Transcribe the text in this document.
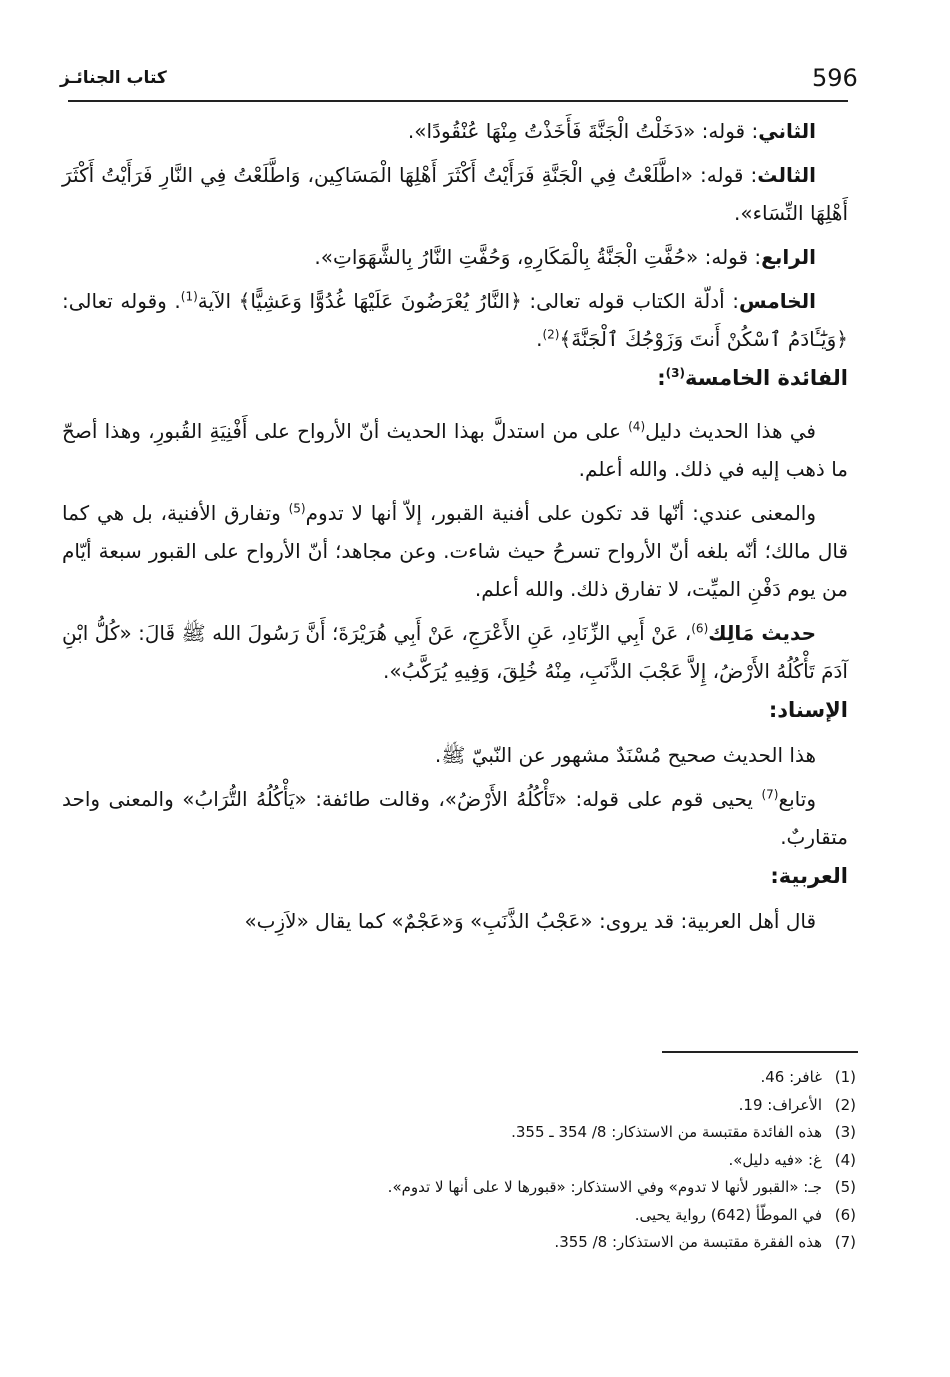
596
كتاب الجنائـز

الثاني: قوله: «دَخَلْتُ الْجَنَّةَ فَأَخَذْتُ مِنْهَا عُنْقُودًا».

الثالث: قوله: «اطَّلَعْتُ فِي الْجَنَّةِ فَرَأَيْتُ أَكْثَرَ أَهْلِهَا الْمَسَاكِين، وَاطَّلَعْتُ فِي النَّارِ فَرَأَيْتُ أَكْثَرَ أَهْلِهَا النِّسَاء».

الرابع: قوله: «حُفَّتِ الْجَنَّةُ بِالْمَكَارِهِ، وَحُفَّتِ النَّارُ بِالشَّهَوَاتِ».

الخامس: أدلّة الكتاب قوله تعالى: ﴿النَّارُ يُعْرَضُونَ عَلَيْهَا غُدُوًّا وَعَشِيًّا﴾ الآية$^{(1)}$. وقوله تعالى: ﴿وَيَٰٓـَٔادَمُ ٱسْكُنْ أَنتَ وَزَوْجُكَ ٱلْجَنَّةَ﴾$^{(2)}$.

الفائدة الخامسة$^{(3)}$:

في هذا الحديث دليل$^{(4)}$ على من استدلَّ بهذا الحديث أنّ الأرواح على أَفْنِيَةِ القُبورِ، وهذا أصحّ ما ذهب إليه في ذلك. والله أعلم.

والمعنى عندي: أنّها قد تكون على أفنية القبور، إلاّ أنها لا تدوم$^{(5)}$ وتفارق الأفنية، بل هي كما قال مالك؛ أنّه بلغه أنّ الأرواح تسرحُ حيث شاءت. وعن مجاهد؛ أنّ الأرواح على القبور سبعة أيّام من يوم دَفْنِ الميِّت، لا تفارق ذلك. والله أعلم.

حديث مَالِك$^{(6)}$، عَنْ أَبِي الزِّنَادِ، عَنِ الأَعْرَجِ، عَنْ أَبِي هُرَيْرَةَ؛ أَنَّ رَسُولَ الله ﷺ قَالَ: «كُلُّ ابْنِ آدَمَ تَأْكُلُهُ الأَرْضُ، إِلاَّ عَجْبَ الذَّنَبِ، مِنْهُ خُلِقَ، وَفِيهِ يُرَكَّبُ».

الإسناد:

هذا الحديث صحيح مُسْنَدٌ مشهور عن النّبيّ ﷺ.

وتابع$^{(7)}$ يحيى قوم على قوله: «تَأْكُلُهُ الأَرْضُ»، وقالت طائفة: «يَأْكُلُهُ التُّرَابُ» والمعنى واحد متقاربٌ.

العربية:

قال أهل العربية: قد يروى: «عَجْبُ الذَّنَبِ» وَ«عَجْمٌ» كما يقال «لاَزِب»

(1)غافر: 46.

(2)الأعراف: 19.

(3)هذه الفائدة مقتبسة من الاستذكار: 8/ 354 ـ 355.

(4)غ: «فيه دليل».

(5)جـ: «القبور لأنها لا تدوم» وفي الاستذكار: «قبورها لا على أنها لا تدوم».

(6)في الموطّأ (642) رواية يحيى.

(7)هذه الفقرة مقتبسة من الاستذكار: 8/ 355.
